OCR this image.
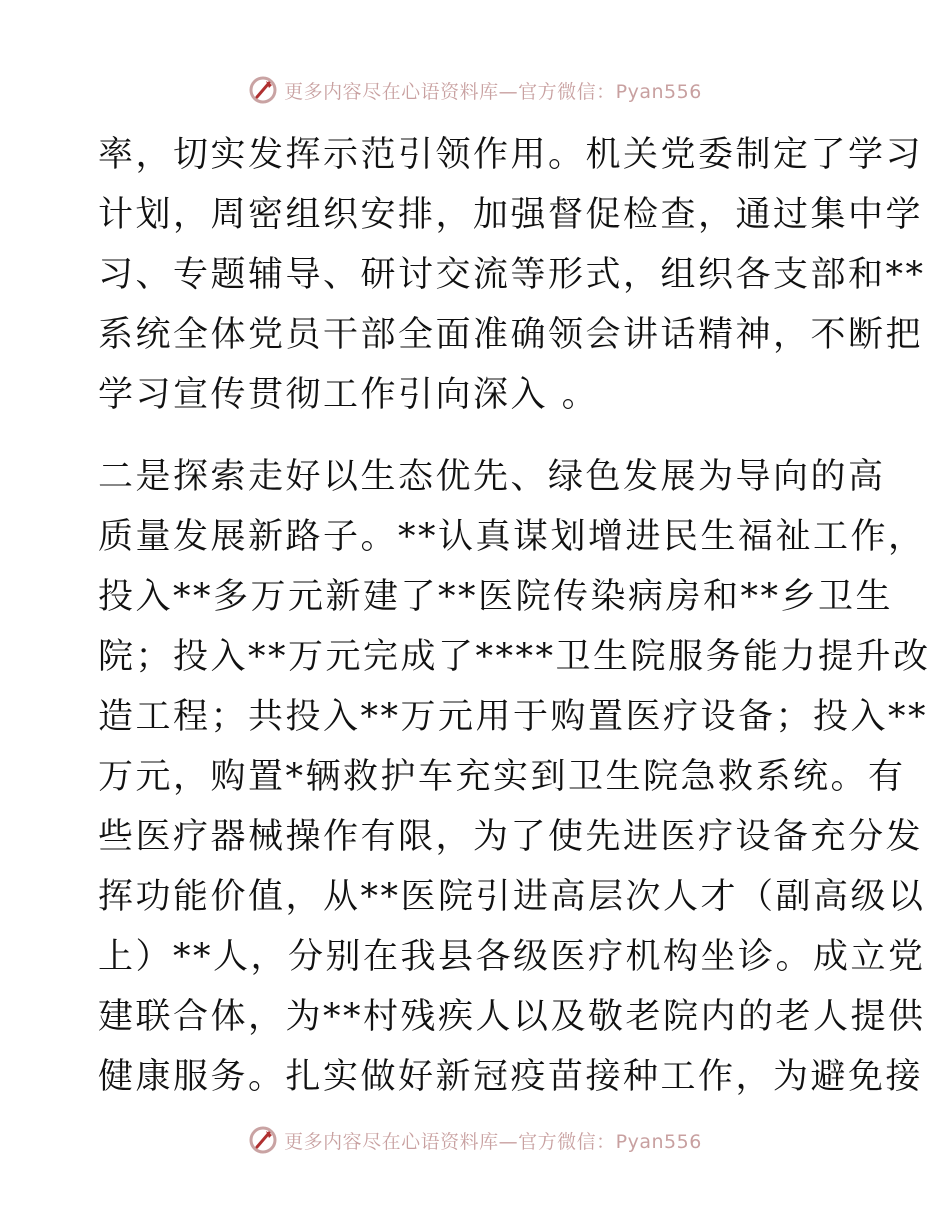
更多内容尽在心语资料库—官方微信：Pyan556
率，切实发挥示范引领作用。机关党委制定了学习
计划，周密组织安排，加强督促检查，通过集中学
习、专题辅导、研讨交流等形式，组织各支部和**
系统全体党员干部全面准确领会讲话精神，不断把
学习宣传贯彻工作引向深入 。
二是探索走好以生态优先、绿色发展为导向的高
质量发展新路子。**认真谋划增进民生福祉工作，
投入**多万元新建了**医院传染病房和**乡卫生
院；投入**万元完成了****卫生院服务能力提升改
造工程；共投入**万元用于购置医疗设备；投入**
万元，购置*辆救护车充实到卫生院急救系统。有
些医疗器械操作有限，为了使先进医疗设备充分发
挥功能价值，从**医院引进高层次人才（副高级以
上）**人，分别在我县各级医疗机构坐诊。成立党
建联合体，为**村残疾人以及敬老院内的老人提供
健康服务。扎实做好新冠疫苗接种工作，为避免接
更多内容尽在心语资料库—官方微信：Pyan556
